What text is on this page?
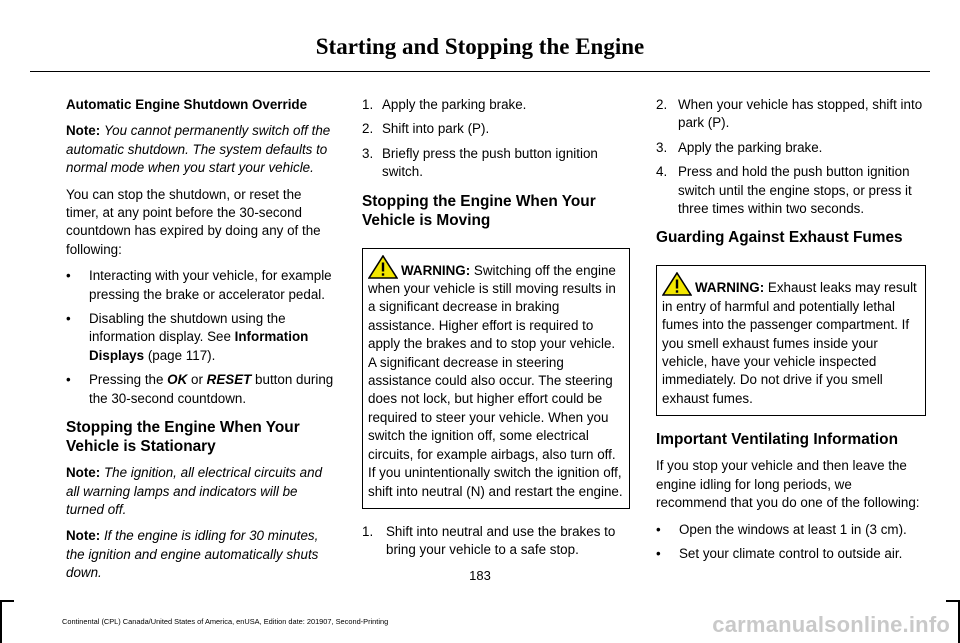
Starting and Stopping the Engine

Automatic Engine Shutdown Override

Note: You cannot permanently switch off the automatic shutdown. The system defaults to normal mode when you start your vehicle.

You can stop the shutdown, or reset the timer, at any point before the 30-second countdown has expired by doing any of the following:

• Interacting with your vehicle, for example pressing the brake or accelerator pedal.
• Disabling the shutdown using the information display. See Information Displays (page 117).
• Pressing the OK or RESET button during the 30-second countdown.
Stopping the Engine When Your Vehicle is Stationary

Note: The ignition, all electrical circuits and all warning lamps and indicators will be turned off.

Note: If the engine is idling for 30 minutes, the ignition and engine automatically shuts down.

1. Apply the parking brake.
2. Shift into park (P).
3. Briefly press the push button ignition switch.
Stopping the Engine When Your Vehicle is Moving
WARNING: Switching off the engine when your vehicle is still moving results in a significant decrease in braking assistance. Higher effort is required to apply the brakes and to stop your vehicle. A significant decrease in steering assistance could also occur. The steering does not lock, but higher effort could be required to steer your vehicle. When you switch the ignition off, some electrical circuits, for example airbags, also turn off. If you unintentionally switch the ignition off, shift into neutral (N) and restart the engine.
1. Shift into neutral and use the brakes to bring your vehicle to a safe stop.
2. When your vehicle has stopped, shift into park (P).
3. Apply the parking brake.
4. Press and hold the push button ignition switch until the engine stops, or press it three times within two seconds.
Guarding Against Exhaust Fumes
WARNING: Exhaust leaks may result in entry of harmful and potentially lethal fumes into the passenger compartment. If you smell exhaust fumes inside your vehicle, have your vehicle inspected immediately. Do not drive if you smell exhaust fumes.
Important Ventilating Information

If you stop your vehicle and then leave the engine idling for long periods, we recommend that you do one of the following:

• Open the windows at least 1 in (3 cm).
• Set your climate control to outside air.
183
Continental (CPL) Canada/United States of America, enUSA, Edition date: 201907, Second-Printing	carmanualsonline.info
